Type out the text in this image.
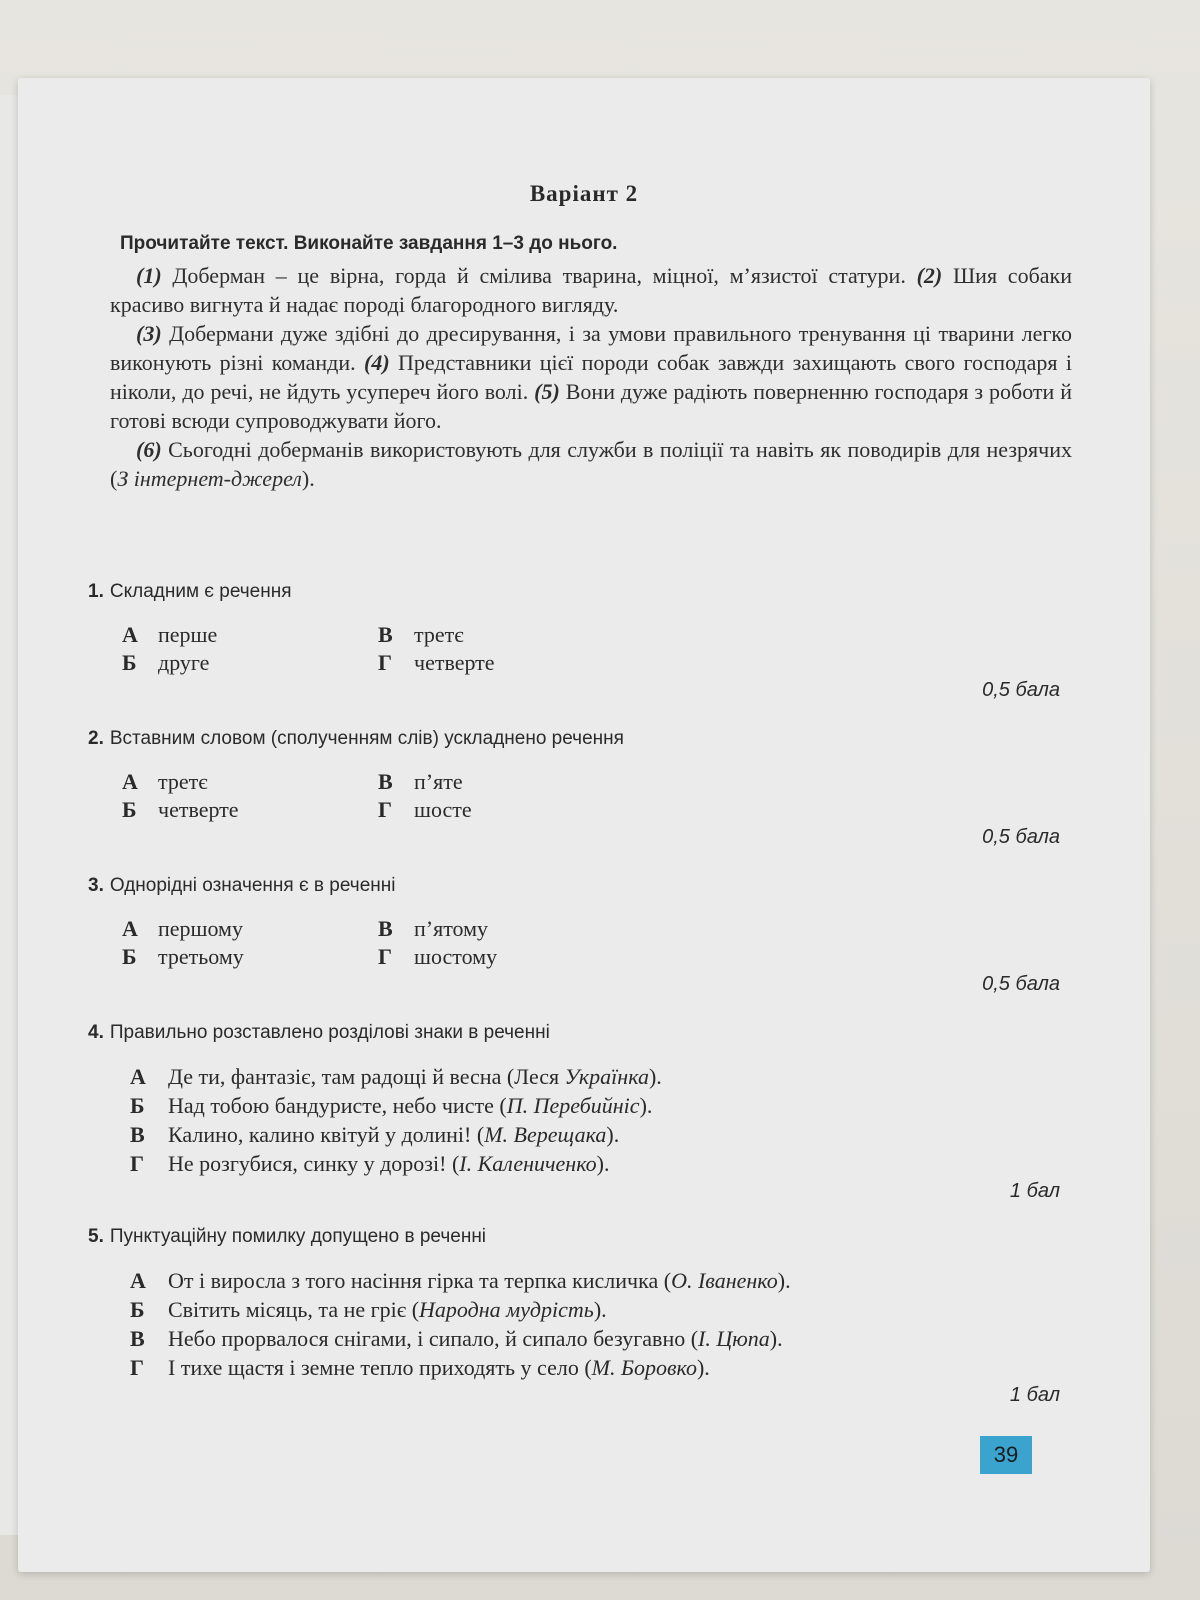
Варіант 2
Прочитайте текст. Виконайте завдання 1–3 до нього.

(1) Доберман – це вірна, горда й смілива тварина, міцної, м’язистої статури. (2) Шия собаки красиво вигнута й надає породі благородного вигляду.

(3) Добермани дуже здібні до дресирування, і за умови правильного тренування ці тварини легко виконують різні команди. (4) Представники цієї породи собак завжди захищають свого господаря і ніколи, до речі, не йдуть усупереч його волі. (5) Вони дуже радіють поверненню господаря з роботи й готові всюди супроводжувати його.

(6) Сьогодні доберманів використовують для служби в поліції та навіть як поводирів для незрячих (З інтернет-джерел).

1. Складним є речення
А перше	В третє
Б друге	Г	четверте
0,5 бала
2. Вставним словом (сполученням слів) ускладнено речення
А третє	В п’яте
Б четверте	Г	шосте
0,5 бала
3. Однорідні означення є в реченні
А першому	В п’ятому
Б третьому	Г	шостому
0,5 бала
4. Правильно розставлено розділові знаки в реченні
А	Де ти, фантазіє, там радощі й весна (Леся Українка).
Б	Над тобою бандуристе, небо чисте (П. Перебийніс).
В	Калино, калино квітуй у долині! (М. Верещака).
Г	Не розгубися, синку у дорозі! (І. Калениченко).
1 бал
5. Пунктуаційну помилку допущено в реченні
А	От і виросла з того насіння гірка та терпка кисличка (О. Іваненко).
Б	Світить місяць, та не гріє (Народна мудрість).
В	Небо прорвалося снігами, і сипало, й сипало безугавно (І. Цюпа).
Г	І тихе щастя і земне тепло приходять у село (М. Боровко).
1 бал
39
